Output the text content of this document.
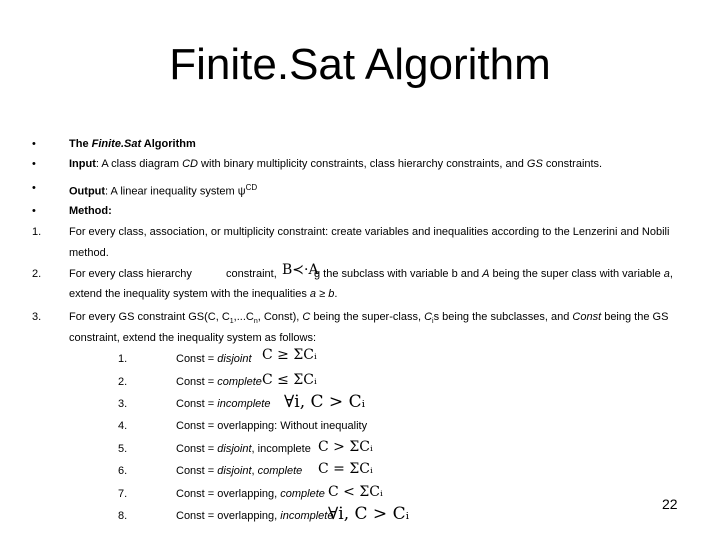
Finite.Sat Algorithm
•	The Finite.Sat Algorithm
•	Input: A class diagram CD with binary multiplicity constraints, class hierarchy constraints, and GS constraints.
•	Output: A linear inequality system $\psi^{CD}$
•	Method:
1.	For every class, association, or multiplicity constraint: create variables and inequalities according to the Lenzerini and Nobili
method.
2.	For every class hierarchy	constraint, B≺·A
g the subclass with variable b and A being the super class with variable a,
extend the inequality system with the inequalities a ≥ b.
3.	For every GS constraint GS(C, $C_1,...C_n$, Const), C being the super-class, $C_is$ being the subclasses, and Const being the GS
constraint, extend the inequality system as follows:
1.	Const = disjoint C ≥ ΣCᵢ
2.	Const = complete C ≤ ΣCᵢ
3.	Const = incomplete ∀i, C > Cᵢ
4.	Const = overlapping: Without inequality
5.	Const = disjoint, incomplete C > ΣCᵢ
6.	Const = disjoint, complete C = ΣCᵢ
7.	Const = overlapping, complete C < ΣCᵢ
8.	Const = overlapping, incomplete
∀i, C > Cᵢ	22
